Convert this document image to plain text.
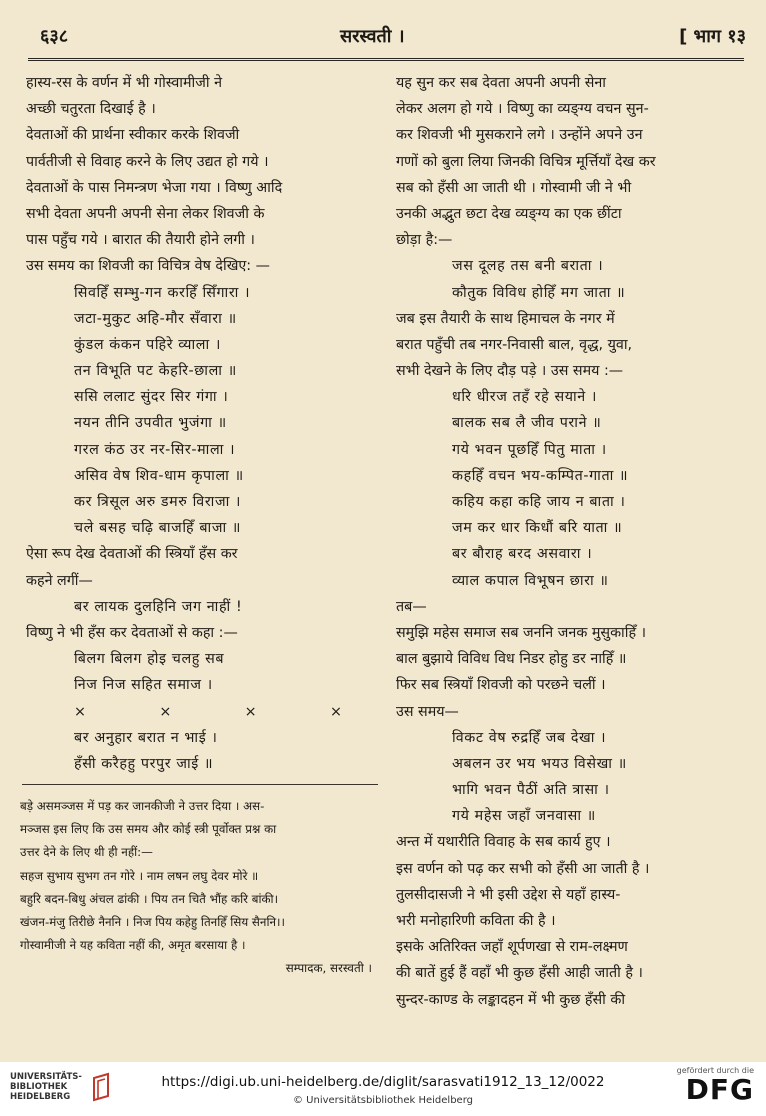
६३८	सरस्वती ।	[ भाग १३
हास्य-रस के वर्णन में भी गोस्वामीजी ने
अच्छी चतुरता दिखाई है ।
देवताओं की प्रार्थना स्वीकार करके शिवजी
पार्वतीजी से विवाह करने के लिए उद्यत हो गये ।
देवताओं के पास निमन्त्रण भेजा गया । विष्णु आदि
सभी देवता अपनी अपनी सेना लेकर शिवजी के
पास पहुँच गये । बारात की तैयारी होने लगी ।
उस समय का शिवजी का विचित्र वेष देखिए: —
सिवहिँ सम्भु-गन करहिँ सिँगारा ।
जटा-मुकुट अहि-मौर सँवारा ॥
कुंडल कंकन पहिरे व्याला ।
तन विभूति पट केहरि-छाला ॥
ससि ललाट सुंदर सिर गंगा ।
नयन तीनि उपवीत भुजंगा ॥
गरल कंठ उर नर-सिर-माला ।
असिव वेष शिव-धाम कृपाला ॥
कर त्रिसूल अरु डमरु विराजा ।
चले बसह चढ़ि बाजहिँ बाजा ॥
ऐसा रूप देख देवताओं की स्त्रियाँ हँस कर
कहने लगीं—
बर लायक दुलहिनि जग नाहीं !
विष्णु ने भी हँस कर देवताओं से कहा :—
बिलग बिलग होइ चलहु सब
निज निज सहित समाज ।
×	×	×	×
बर अनुहार बरात न भाई ।
हँसी करैहहु परपुर जाई ॥
बड़े असमञ्जस में पड़ कर जानकीजी ने उत्तर दिया । अस-
मञ्जस इस लिए कि उस समय और कोई स्त्री पूर्वोक्त प्रश्न का
उत्तर देने के लिए थी ही नहीं:—
सहज सुभाय सुभग तन गोरे । नाम लषन लघु देवर मोरे ॥
बहुरि बदन-बिधु अंचल ढांकी । पिय तन चितै भौंह करि बांकी।
खंजन-मंजु तिरीछे नैननि । निज पिय कहेहु तिनहिँ सिय सैननि।।
गोस्वामीजी ने यह कविता नहीं की, अमृत बरसाया है ।
सम्पादक, सरस्वती ।
यह सुन कर सब देवता अपनी अपनी सेना
लेकर अलग हो गये । विष्णु का व्यङ्ग्य वचन सुन-
कर शिवजी भी मुसकराने लगे । उन्होंने अपने उन
गणों को बुला लिया जिनकी विचित्र मूर्त्तियाँ देख कर
सब को हँसी आ जाती थी । गोस्वामी जी ने भी
उनकी अद्भुत छटा देख व्यङ्ग्य का एक छींटा
छोड़ा है:—
जस दूलह तस बनी बराता ।
कौतुक विविध होहिँ मग जाता ॥
जब इस तैयारी के साथ हिमाचल के नगर में
बरात पहुँची तब नगर-निवासी बाल, वृद्ध, युवा,
सभी देखने के लिए दौड़ पड़े । उस समय :—
धरि धीरज तहँ रहे सयाने ।
बालक सब लै जीव पराने ॥
गये भवन पूछहिँ पितु माता ।
कहहिँ वचन भय-कम्पित-गाता ॥
कहिय कहा कहि जाय न बाता ।
जम कर धार किधौं बरि याता ॥
बर बौराह बरद असवारा ।
व्याल कपाल विभूषन छारा ॥
तब—
समुझि महेस समाज सब जननि जनक मुसुकाहिँ ।
बाल बुझाये विविध विध निडर होहु डर नाहिँ ॥
फिर सब स्त्रियाँ शिवजी को परछने चलीं ।
उस समय—
विकट वेष रुद्रहिँ जब देखा ।
अबलन उर भय भयउ विसेखा ॥
भागि भवन पैठीं अति त्रासा ।
गये महेस जहाँ जनवासा ॥
अन्त में यथारीति विवाह के सब कार्य हुए ।
इस वर्णन को पढ़ कर सभी को हँसी आ जाती है ।
तुलसीदासजी ने भी इसी उद्देश से यहाँ हास्य-
भरी मनोहारिणी कविता की है ।
इसके अतिरिक्त जहाँ शूर्पणखा से राम-लक्ष्मण
की बातें हुई हैं वहाँ भी कुछ हँसी आही जाती है ।
सुन्दर-काण्ड के लङ्कादहन में भी कुछ हँसी की
UNIVERSITÄTS-
BIBLIOTHEK
HEIDELBERG
https://digi.ub.uni-heidelberg.de/diglit/sarasvati1912_13_12/0022
© Universitätsbibliothek Heidelberg
gefördert durch die
DFG
